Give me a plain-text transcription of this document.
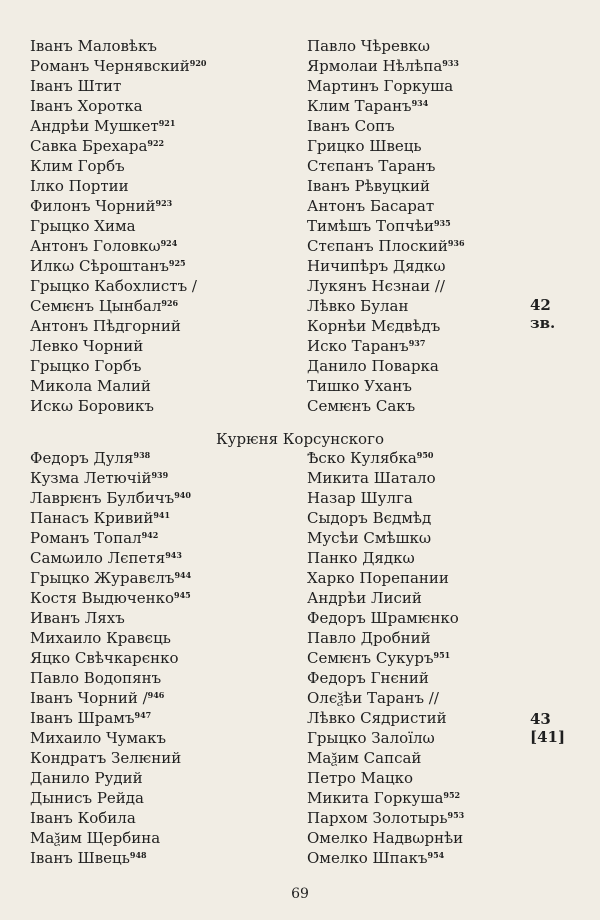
Іванъ Маловѣкъ
Романъ Чернявский$^{920}$
Іванъ Штит
Іванъ Хоротка
Андрѣи Мушкет$^{921}$
Савка Брехара$^{922}$
Клим Горбъ
Ілко Портии
Филонъ Чорний$^{923}$
Грыцко Хима
Антонъ Головкω$^{924}$
Илкω Сѣроштанъ$^{925}$
Грыцко Кабохлистъ /
Семѥнъ Цынбал$^{926}$
Антонъ Пѣдгорний
Левко Чорний
Грыцко Горбъ
Микола Малий
Искω Боровикъ
Павло Чѣревкω
Ярмолаи Нѣлѣпа$^{933}$
Мартинъ Горкуша
Клим Таранъ$^{934}$
Іванъ Сопъ
Грицко Швець
Стєпанъ Таранъ
Іванъ Рѣвуцкий
Антонъ Басарат
Тимѣшъ Топчѣи$^{935}$
Стєпанъ Плоский$^{936}$
Ничипѣръ Дядкω
Лукянъ Нєзнаи //
Лѣвко Булан
Корнѣи Мєдвѣдъ
Иско Таранъ$^{937}$
Данило Поварка
Тишко Уханъ
Семѥнъ Сакъ
Курѥня Корсунского
Федоръ Дуля$^{938}$
Кузма Летючій$^{939}$
Лаврѥнъ Булбичъ$^{940}$
Панасъ Кривий$^{941}$
Романъ Топал$^{942}$
Самωило Лєпетя$^{943}$
Грыцко Журавєлъ$^{944}$
Костя Выдюченко$^{945}$
Иванъ Ляхъ
Михаило Кравєць
Яцко Свѣчкарєнко
Павло Водопянъ
Іванъ Чорний /$^{946}$
Іванъ Шрамъ$^{947}$
Михаило Чумакъ
Кондратъ Зелѥний
Данило Рудий
Дынисъ Рейда
Іванъ Кобила
Маѯим Щербина
Іванъ Швець$^{948}$
Ѣско Кулябка$^{950}$
Микита Шатало
Назар Шулга
Сыдоръ Вєдмѣд
Мусѣи Смѣшкω
Панко Дядкω
Харко Порепании
Андрѣи Лисий
Федоръ Шрамѥнко
Павло Дробний
Семѥнъ Сукуръ$^{951}$
Федоръ Гнєний
Олєѯѣи Таранъ //
Лѣвко Сядристий
Грыцко Залоїлω
Маѯим Сапсай
Петро Мацко
Микита Горкуша$^{952}$
Пархом Золотырь$^{953}$
Омелко Надвωрнѣи
Омелко Шпакъ$^{954}$
42
зв.
43
[41]
69
